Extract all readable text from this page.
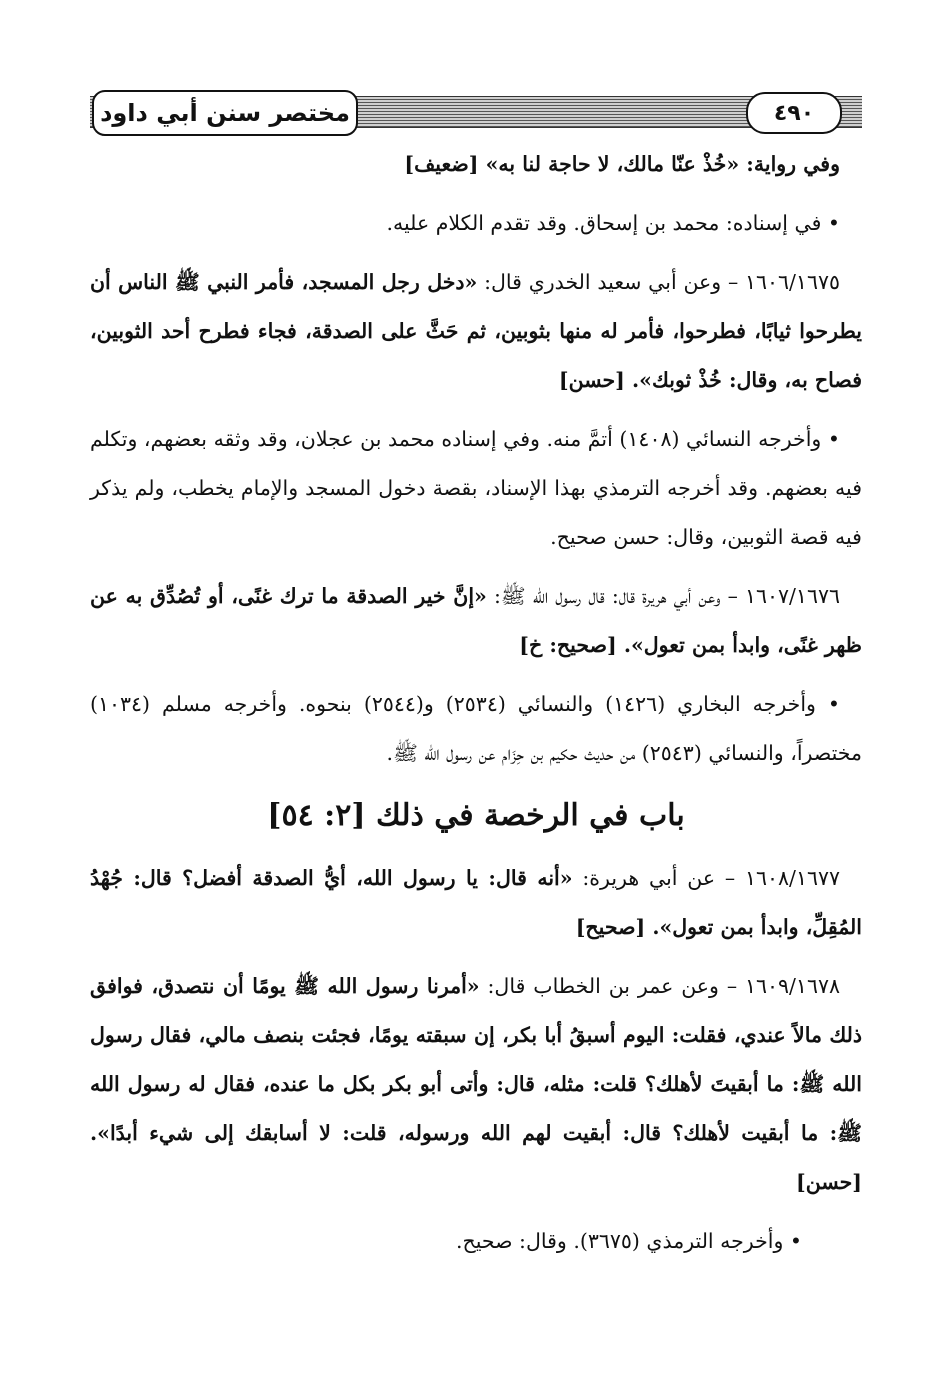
٤٩٠
مختصر سنن أبي داود

وفي رواية: «خُذْ عنّا مالك، لا حاجة لنا به» [ضعيف]

• في إسناده: محمد بن إسحاق. وقد تقدم الكلام عليه.

١٦٠٦/١٦٧٥ – وعن أبي سعيد الخدري قال: «دخل رجل المسجد، فأمر النبي ﷺ الناس أن يطرحوا ثيابًا، فطرحوا، فأمر له منها بثوبين، ثم حَثَّ على الصدقة، فجاء فطرح أحد الثوبين، فصاح به، وقال: خُذْ ثوبك». [حسن]

• وأخرجه النسائي (١٤٠٨) أتمَّ منه. وفي إسناده محمد بن عجلان، وقد وثقه بعضهم، وتكلم فيه بعضهم. وقد أخرجه الترمذي بهذا الإسناد، بقصة دخول المسجد والإمام يخطب، ولم يذكر فيه قصة الثوبين، وقال: حسن صحيح.

١٦٠٧/١٦٧٦ – وعن أبي هريرة قال: قال رسول الله ﷺ: «إنَّ خير الصدقة ما ترك غنًى، أو تُصُدِّق به عن ظهر غنًى، وابدأ بمن تعول». [صحيح: خ]

• وأخرجه البخاري (١٤٢٦) والنسائي (٢٥٣٤) و(٢٥٤٤) بنحوه. وأخرجه مسلم (١٠٣٤) مختصراً، والنسائي (٢٥٤٣) من حديث حكيم بن حِزَام عن رسول الله ﷺ.

باب في الرخصة في ذلك [٢: ٥٤]

١٦٠٨/١٦٧٧ – عن أبي هريرة: «أنه قال: يا رسول الله، أيُّ الصدقة أفضل؟ قال: جُهْدُ المُقِلِّ، وابدأ بمن تعول». [صحيح]

١٦٠٩/١٦٧٨ – وعن عمر بن الخطاب قال: «أمرنا رسول الله ﷺ يومًا أن نتصدق، فوافق ذلك مالاً عندي، فقلت: اليوم أسبقُ أبا بكر، إن سبقته يومًا، فجئت بنصف مالي، فقال رسول الله ﷺ: ما أبقيتَ لأهلك؟ قلت: مثله، قال: وأتى أبو بكر بكل ما عنده، فقال له رسول الله ﷺ: ما أبقيت لأهلك؟ قال: أبقيت لهم الله ورسوله، قلت: لا أسابقك إلى شيء أبدًا». [حسن]

• وأخرجه الترمذي (٣٦٧٥). وقال: صحيح.
